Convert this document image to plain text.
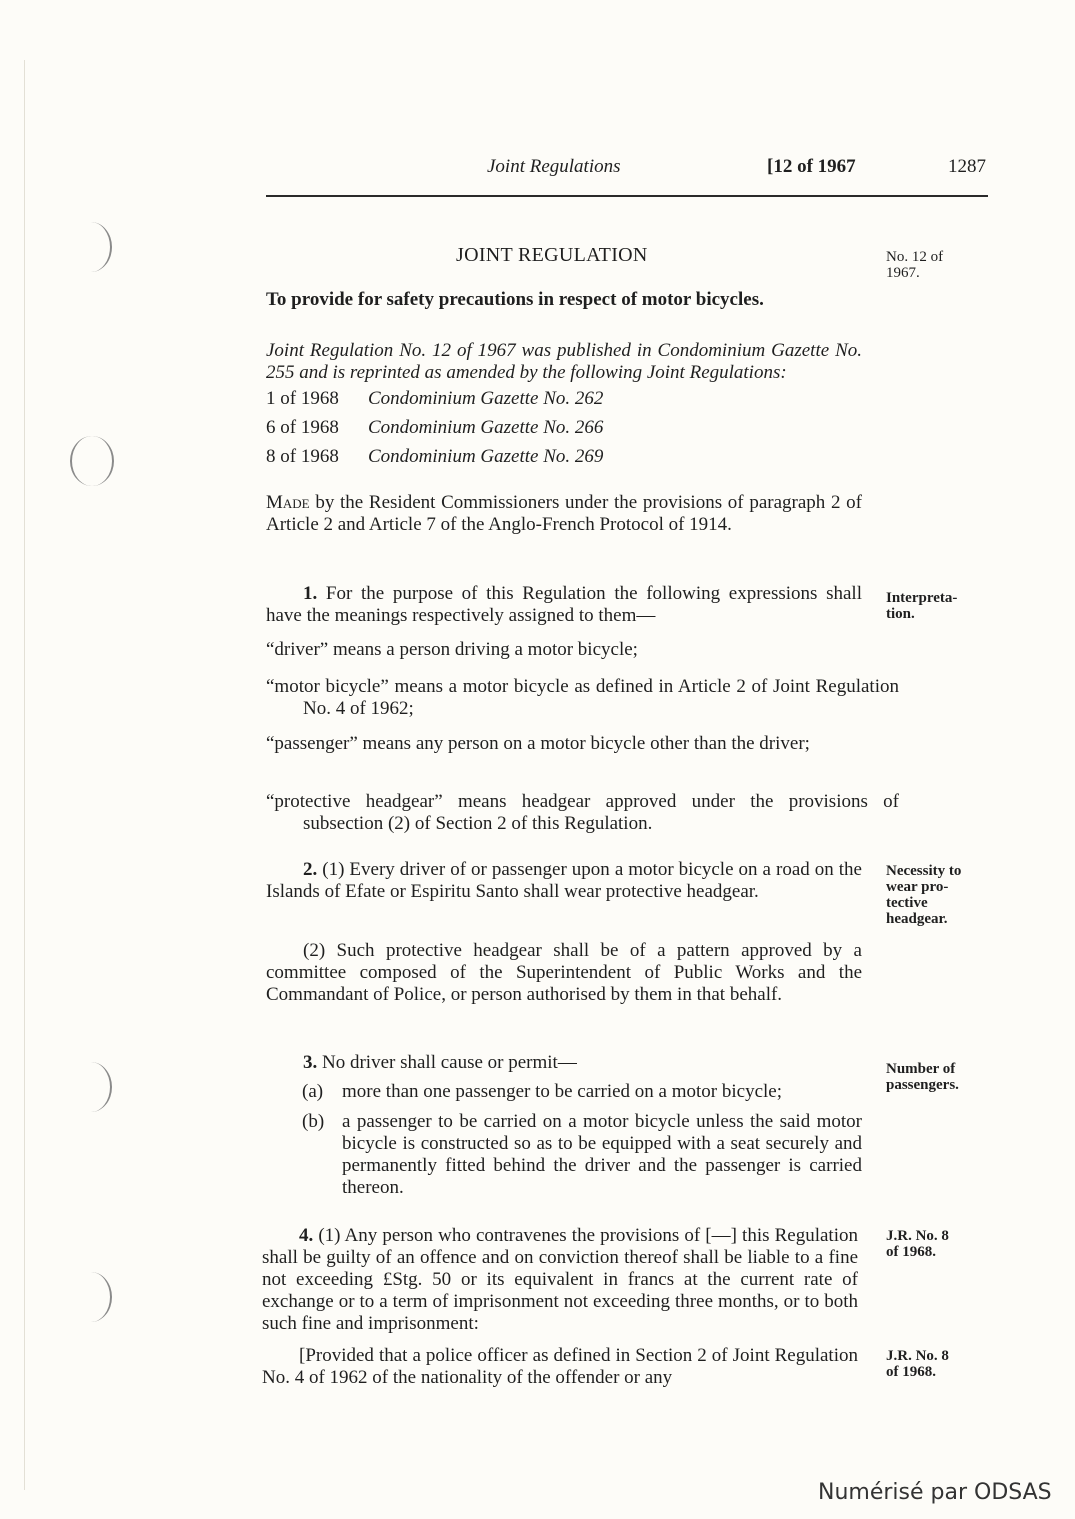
Joint Regulations	[12 of 1967	1287
JOINT REGULATION	No. 12 of
1967.
To provide for safety precautions in respect of motor bicycles.
Joint Regulation No. 12 of 1967 was published in Condominium Gazette No. 255 and is reprinted as amended by the following Joint Regulations:
1 of 1968 Condominium Gazette No. 262
6 of 1968 Condominium Gazette No. 266
8 of 1968 Condominium Gazette No. 269
Made by the Resident Commissioners under the provisions of paragraph 2 of Article 2 and Article 7 of the Anglo-French Protocol of 1914.
1. For the purpose of this Regulation the following expressions shall have the meanings respectively assigned to them—
Interpreta-
tion.
“driver” means a person driving a motor bicycle;
“motor bicycle” means a motor bicycle as defined in Article 2 of Joint Regulation No. 4 of 1962;
“passenger” means any person on a motor bicycle other than the driver;
“protective headgear” means headgear approved under the provisions of subsection (2) of Section 2 of this Regulation.
2. (1) Every driver of or passenger upon a motor bicycle on a road on the Islands of Efate or Espiritu Santo shall wear protective headgear.
Necessity to
wear pro-
tective
headgear.
(2) Such protective headgear shall be of a pattern approved by a committee composed of the Superintendent of Public Works and the Commandant of Police, or person authorised by them in that behalf.
3. No driver shall cause or permit—	Number of
passengers.
(a) more than one passenger to be carried on a motor bicycle;
(b) a passenger to be carried on a motor bicycle unless the said motor bicycle is constructed so as to be equipped with a seat securely and permanently fitted behind the driver and the passenger is carried thereon.
4. (1) Any person who contravenes the provisions of [—] this Regulation shall be guilty of an offence and on conviction thereof shall be liable to a fine not exceeding £Stg. 50 or its equivalent in francs at the current rate of exchange or to a term of imprisonment not exceeding three months, or to both such fine and imprisonment:
J.R. No. 8
of 1968.
[Provided that a police officer as defined in Section 2 of Joint Regulation No. 4 of 1962 of the nationality of the offender or any
J.R. No. 8
of 1968.
Numérisé par ODSAS
